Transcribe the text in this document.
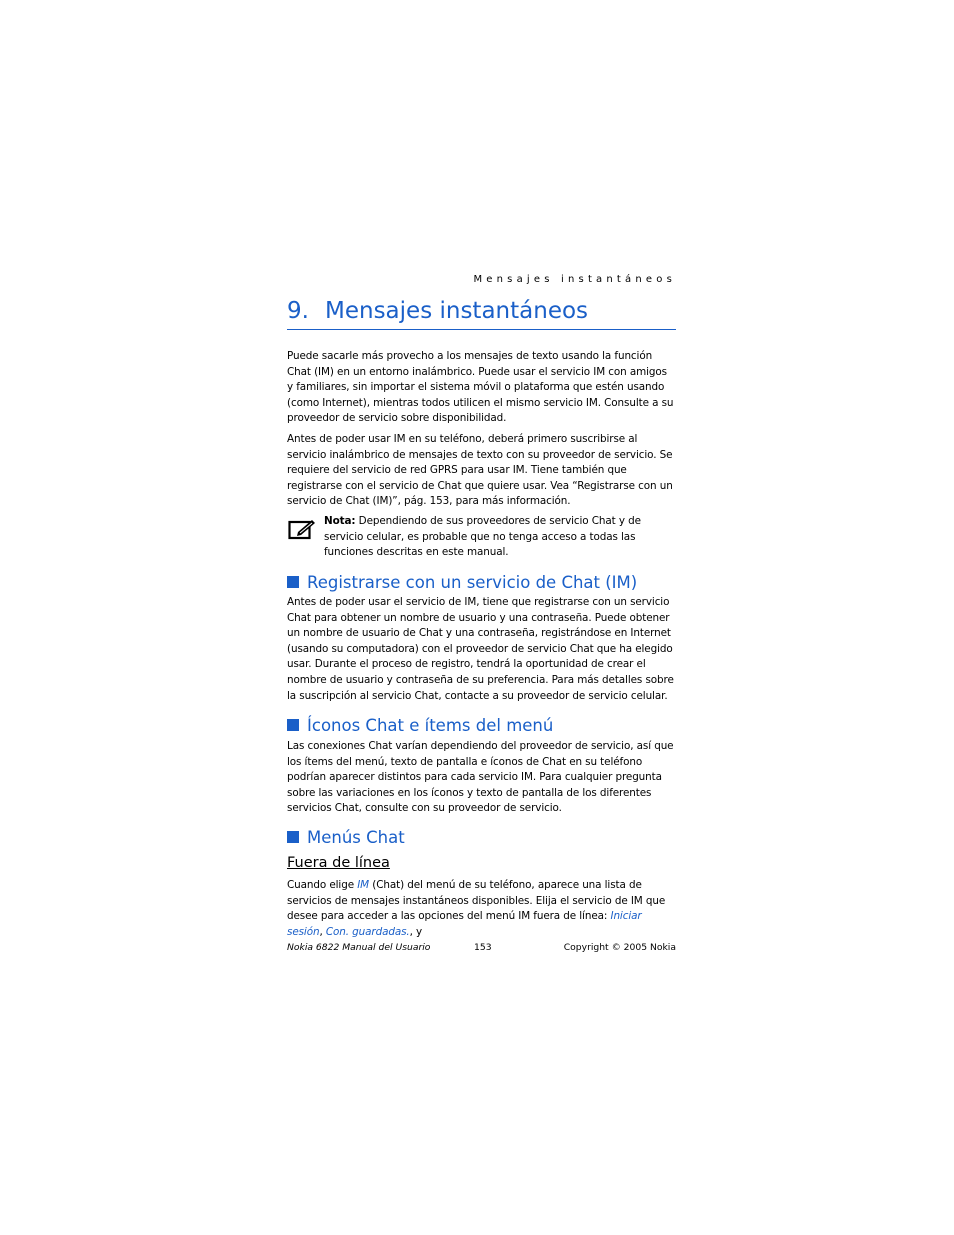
Mensajes instantáneos
9. Mensajes instantáneos

Puede sacarle más provecho a los mensajes de texto usando la función Chat (IM) en un entorno inalámbrico. Puede usar el servicio IM con amigos y familiares, sin importar el sistema móvil o plataforma que estén usando (como Internet), mientras todos utilicen el mismo servicio IM. Consulte a su proveedor de servicio sobre disponibilidad.

Antes de poder usar IM en su teléfono, deberá primero suscribirse al servicio inalámbrico de mensajes de texto con su proveedor de servicio. Se requiere del servicio de red GPRS para usar IM. Tiene también que registrarse con el servicio de Chat que quiere usar. Vea “Registrarse con un servicio de Chat (IM)”, pág. 153, para más información.

Nota: Dependiendo de sus proveedores de servicio Chat y de servicio celular, es probable que no tenga acceso a todas las funciones descritas en este manual.

Registrarse con un servicio de Chat (IM)

Antes de poder usar el servicio de IM, tiene que registrarse con un servicio Chat para obtener un nombre de usuario y una contraseña. Puede obtener un nombre de usuario de Chat y una contraseña, registrándose en Internet (usando su computadora) con el proveedor de servicio Chat que ha elegido usar. Durante el proceso de registro, tendrá la oportunidad de crear el nombre de usuario y contraseña de su preferencia. Para más detalles sobre la suscripción al servicio Chat, contacte a su proveedor de servicio celular.

Íconos Chat e ítems del menú

Las conexiones Chat varían dependiendo del proveedor de servicio, así que los ítems del menú, texto de pantalla e íconos de Chat en su teléfono podrían aparecer distintos para cada servicio IM. Para cualquier pregunta sobre las variaciones en los íconos y texto de pantalla de los diferentes servicios Chat, consulte con su proveedor de servicio.

Menús Chat
Fuera de línea

Cuando elige IM (Chat) del menú de su teléfono, aparece una lista de servicios de mensajes instantáneos disponibles. Elija el servicio de IM que desee para acceder a las opciones del menú IM fuera de línea: Iniciar sesión, Con. guardadas., y

Nokia 6822 Manual del Usuario	153	Copyright © 2005 Nokia
